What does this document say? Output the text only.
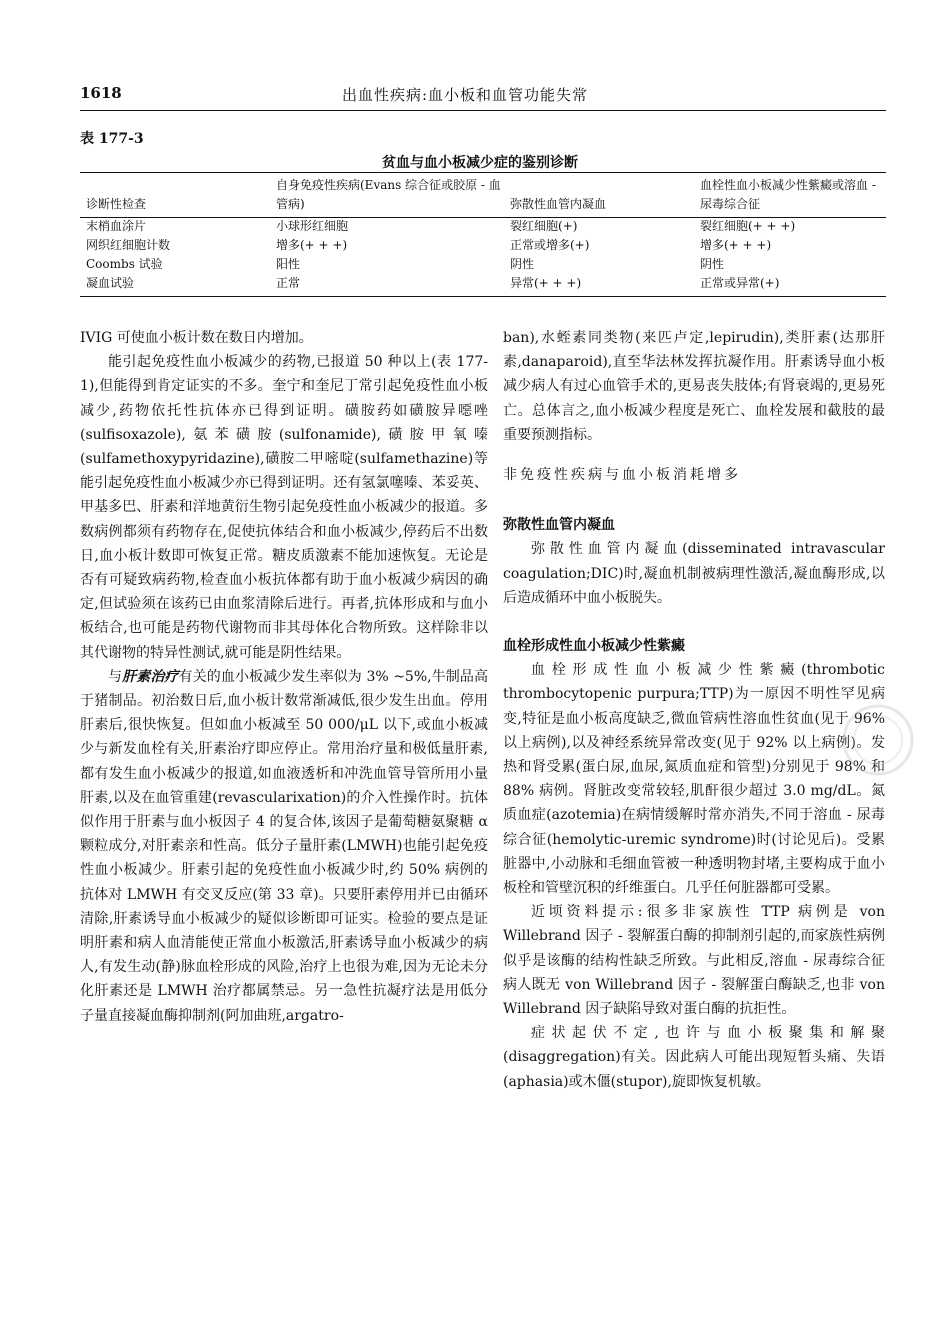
1618	出血性疾病:血小板和血管功能失常
表 177-3
贫血与血小板减少症的鉴别诊断
诊断性检查	自身免疫性疾病(Evans 综合征或胶原 - 血管病)	弥散性血管内凝血	血栓性血小板减少性紫癜或溶血 - 尿毒综合征
末梢血涂片	小球形红细胞	裂红细胞(+)	裂红细胞(+ + +)
网织红细胞计数	增多(+ + +)	正常或增多(+)	增多(+ + +)
Coombs 试验	阳性	阴性	阴性
凝血试验	正常	异常(+ + +)	正常或异常(+)

IVIG 可使血小板计数在数日内增加。

能引起免疫性血小板减少的药物,已报道 50 种以上(表 177-1),但能得到肯定证实的不多。奎宁和奎尼丁常引起免疫性血小板减少,药物依托性抗体亦已得到证明。磺胺药如磺胺异噁唑(sulfisoxazole),氨苯磺胺(sulfonamide),磺胺甲氧嗪(sulfamethoxypyridazine),磺胺二甲嘧啶(sulfamethazine)等能引起免疫性血小板减少亦已得到证明。还有氢氯噻嗪、苯妥英、甲基多巴、肝素和洋地黄衍生物引起免疫性血小板减少的报道。多数病例都须有药物存在,促使抗体结合和血小板减少,停药后不出数日,血小板计数即可恢复正常。糖皮质激素不能加速恢复。无论是否有可疑致病药物,检查血小板抗体都有助于血小板减少病因的确定,但试验须在该药已由血浆清除后进行。再者,抗体形成和与血小板结合,也可能是药物代谢物而非其母体化合物所致。这样除非以其代谢物的特异性测试,就可能是阴性结果。

与肝素治疗有关的血小板减少发生率似为 3% ~5%,牛制品高于猪制品。初治数日后,血小板计数常渐减低,很少发生出血。停用肝素后,很快恢复。但如血小板减至 50 000/μL 以下,或血小板减少与新发血栓有关,肝素治疗即应停止。常用治疗量和极低量肝素,都有发生血小板减少的报道,如血液透析和冲洗血管导管所用小量肝素,以及在血管重建(revascularixation)的介入性操作时。抗体似作用于肝素与血小板因子 4 的复合体,该因子是葡萄糖氨聚糖 α 颗粒成分,对肝素亲和性高。低分子量肝素(LMWH)也能引起免疫性血小板减少。肝素引起的免疫性血小板减少时,约 50% 病例的抗体对 LMWH 有交叉反应(第 33 章)。只要肝素停用并已由循环清除,肝素诱导血小板减少的疑似诊断即可证实。检验的要点是证明肝素和病人血清能使正常血小板激活,肝素诱导血小板减少的病人,有发生动(静)脉血栓形成的风险,治疗上也很为难,因为无论未分化肝素还是 LMWH 治疗都属禁忌。另一急性抗凝疗法是用低分子量直接凝血酶抑制剂(阿加曲班,argatro-

ban),水蛭素同类物(来匹卢定,lepirudin),类肝素(达那肝素,danaparoid),直至华法林发挥抗凝作用。肝素诱导血小板减少病人有过心血管手术的,更易丧失肢体;有肾衰竭的,更易死亡。总体言之,血小板减少程度是死亡、血栓发展和截肢的最重要预测指标。

非免疫性疾病与血小板消耗增多

弥散性血管内凝血

弥散性血管内凝血(disseminated intravascular coagulation;DIC)时,凝血机制被病理性激活,凝血酶形成,以后造成循环中血小板脱失。

血栓形成性血小板减少性紫癜

血栓形成性血小板减少性紫癜(thrombotic thrombocytopenic purpura;TTP)为一原因不明性罕见病变,特征是血小板高度缺乏,微血管病性溶血性贫血(见于 96% 以上病例),以及神经系统异常改变(见于 92% 以上病例)。发热和肾受累(蛋白尿,血尿,氮质血症和管型)分别见于 98% 和 88% 病例。肾脏改变常较轻,肌酐很少超过 3.0 mg/dL。氮质血症(azotemia)在病情缓解时常亦消失,不同于溶血 - 尿毒综合征(hemolytic-uremic syndrome)时(讨论见后)。受累脏器中,小动脉和毛细血管被一种透明物封堵,主要构成于血小板栓和管壁沉积的纤维蛋白。几乎任何脏器都可受累。

近顷资料提示:很多非家族性 TTP 病例是 von Willebrand 因子 - 裂解蛋白酶的抑制剂引起的,而家族性病例似乎是该酶的结构性缺乏所致。与此相反,溶血 - 尿毒综合征病人既无 von Willebrand 因子 - 裂解蛋白酶缺乏,也非 von Willebrand 因子缺陷导致对蛋白酶的抗拒性。

症状起伏不定,也许与血小板聚集和解聚(disaggregation)有关。因此病人可能出现短暂头痛、失语(aphasia)或木僵(stupor),旋即恢复机敏。
